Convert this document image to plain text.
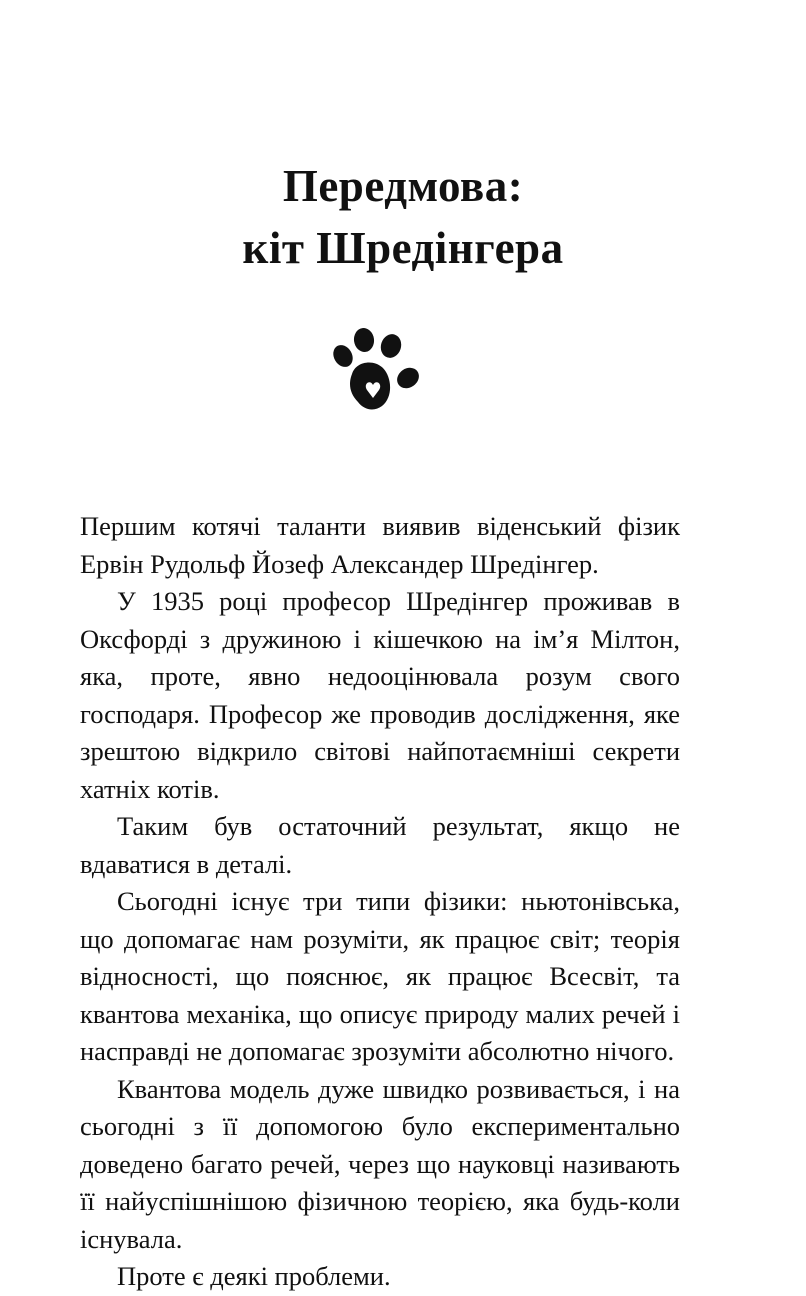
Передмова:
кіт Шредінгера

Першим котячі таланти виявив віденський фізик Ервін Рудольф Йозеф Александер Шредінгер.

У 1935 році професор Шредінгер проживав в Оксфорді з дружиною і кішечкою на ім’я Мілтон, яка, проте, явно недооцінювала розум свого господаря. Професор же проводив дослідження, яке зрештою відкрило світові найпотаємніші секрети хатніх котів.

Таким був остаточний результат, якщо не вдаватися в деталі.

Сьогодні існує три типи фізики: ньютонівська, що допомагає нам розуміти, як працює світ; теорія відносності, що пояснює, як працює Всесвіт, та квантова механіка, що описує природу малих речей і насправді не допомагає зрозуміти абсолютно нічого.

Квантова модель дуже швидко розвивається, і на сьогодні з її допомогою було експериментально доведено багато речей, через що науковці називають її найуспішнішою фізичною теорією, яка будь-коли існувала.

Проте є деякі проблеми.
